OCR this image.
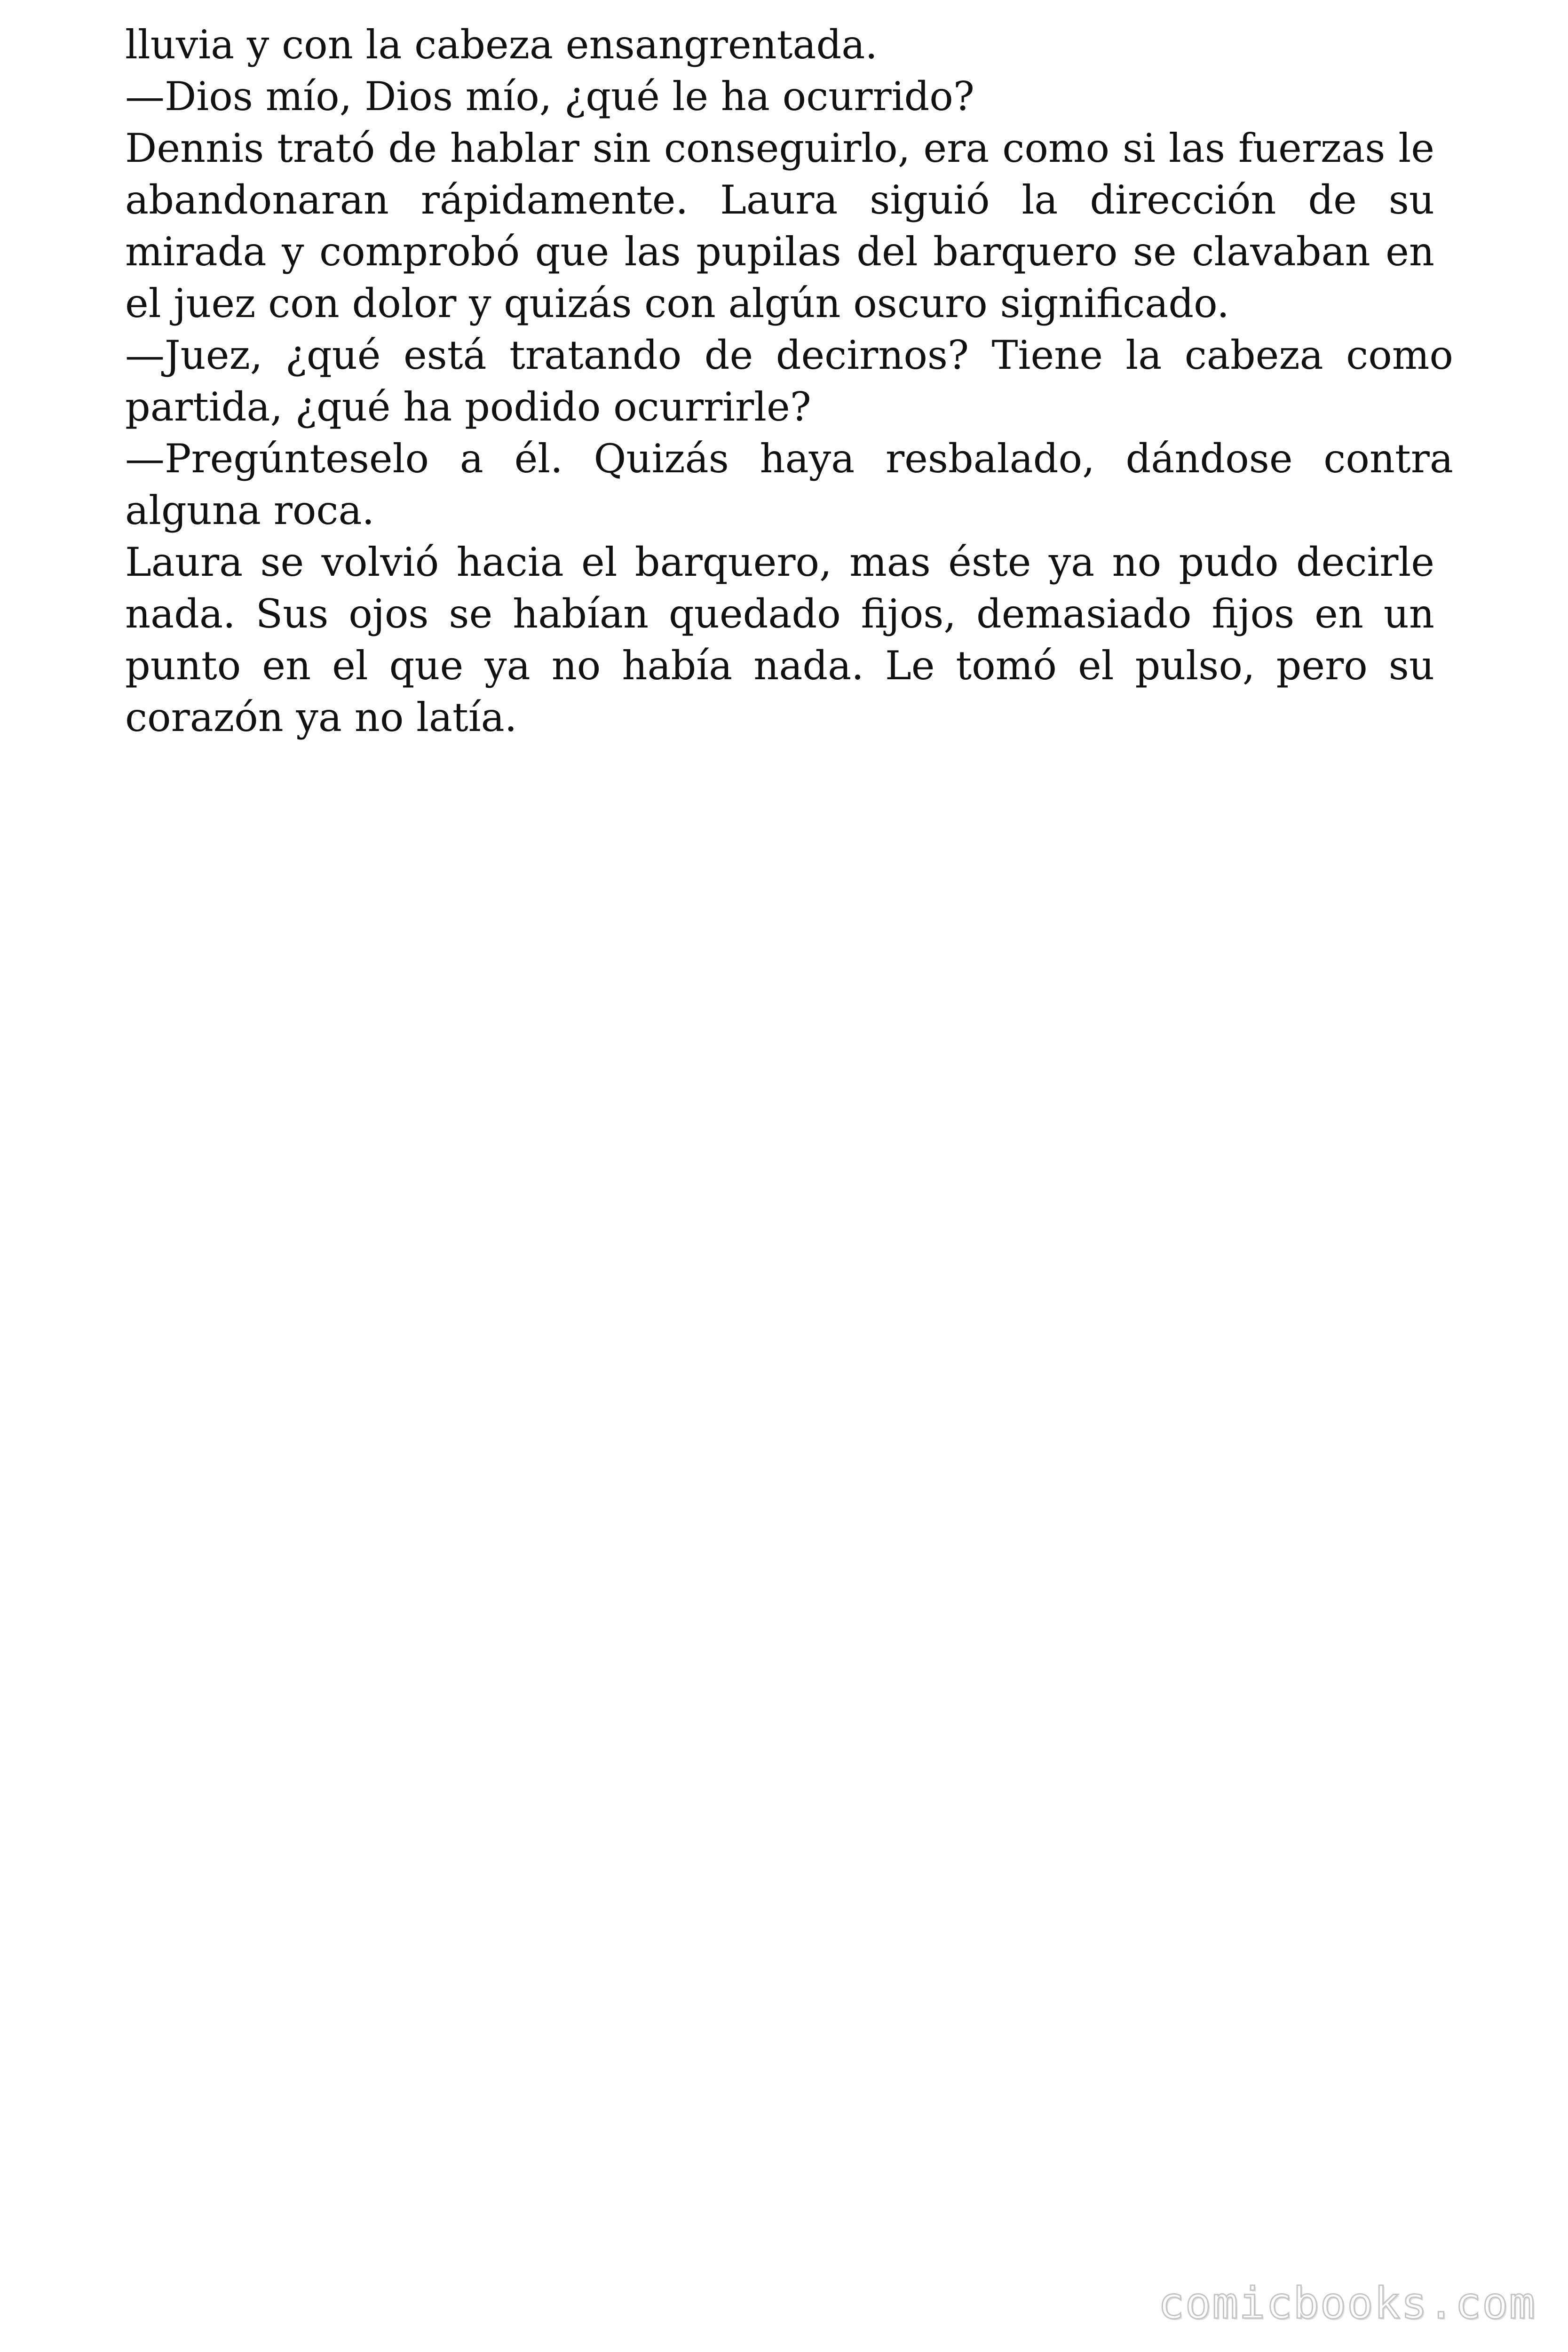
lluvia y con la cabeza ensangrentada.

—Dios mío, Dios mío, ¿qué le ha ocurrido?

Dennis trató de hablar sin conseguirlo, era como si las fuerzas le abandonaran rápidamente. Laura siguió la dirección de su mirada y comprobó que las pupilas del barquero se clavaban en el juez con dolor y quizás con algún oscuro significado.

—Juez, ¿qué está tratando de decirnos? Tiene la cabeza como partida, ¿qué ha podido ocurrirle?

—Pregúnteselo a él. Quizás haya resbalado, dándose contra alguna roca.

Laura se volvió hacia el barquero, mas éste ya no pudo decirle nada. Sus ojos se habían quedado fijos, demasiado fijos en un punto en el que ya no había nada. Le tomó el pulso, pero su corazón ya no latía.

comicbooks.com
